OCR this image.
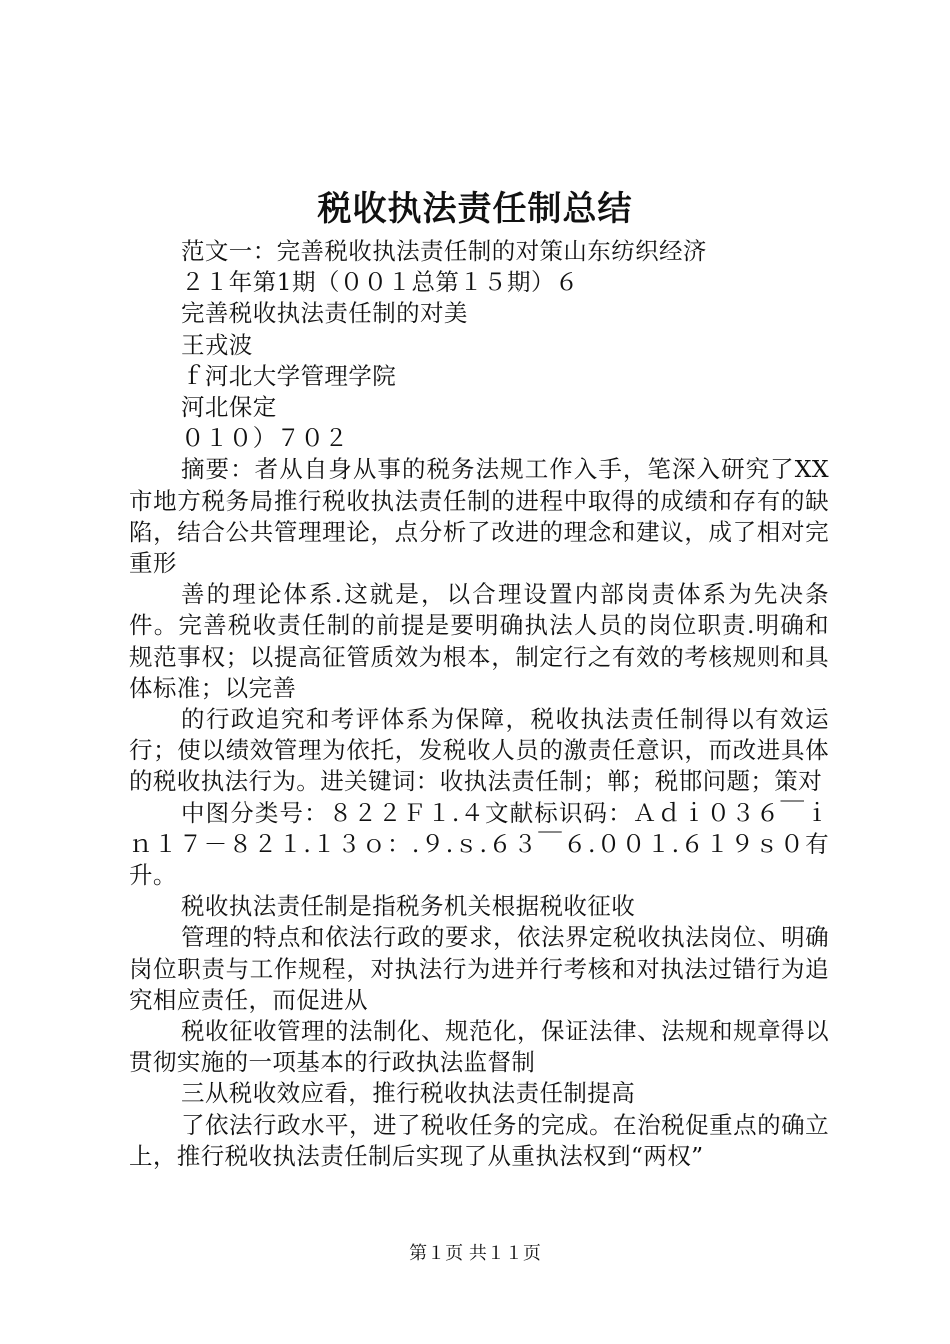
税收执法责任制总结
范文一：完善税收执法责任制的对策山东纺织经济
２１年第1期（００１总第１５期）６
完善税收执法责任制的对美
王戎波
ｆ河北大学管理学院
河北保定
０１０）７０２
摘要：者从自身从事的税务法规工作入手，笔深入研究了XX市地方税务局推行税收执法责任制的进程中取得的成绩和存有的缺陷，结合公共管理理论，点分析了改进的理念和建议，成了相对完重形
善的理论体系.这就是，以合理设置内部岗责体系为先决条件。完善税收责任制的前提是要明确执法人员的岗位职责.明确和规范事权；以提高征管质效为根本，制定行之有效的考核规则和具体标准；以完善
的行政追究和考评体系为保障，税收执法责任制得以有效运行；使以绩效管理为依托，发税收人员的激责任意识，而改进具体的税收执法行为。进关键词：收执法责任制；郸；税邯问题；策对
中图分类号：８２２Ｆ１.４文献标识码：Ａｄｉ０３６￣ｉｎ１７－８２１.１３ｏ：.９.ｓ.６３￣６.００１.６１９ｓ０有升。
税收执法责任制是指税务机关根据税收征收
管理的特点和依法行政的要求，依法界定税收执法岗位、明确岗位职责与工作规程，对执法行为进并行考核和对执法过错行为追究相应责任，而促进从
税收征收管理的法制化、规范化，保证法律、法规和规章得以贯彻实施的一项基本的行政执法监督制
三从税收效应看，推行税收执法责任制提高
了依法行政水平，进了税收任务的完成。在治税促重点的确立上，推行税收执法责任制后实现了从重执法权到“两权”
第１页 共１１页
